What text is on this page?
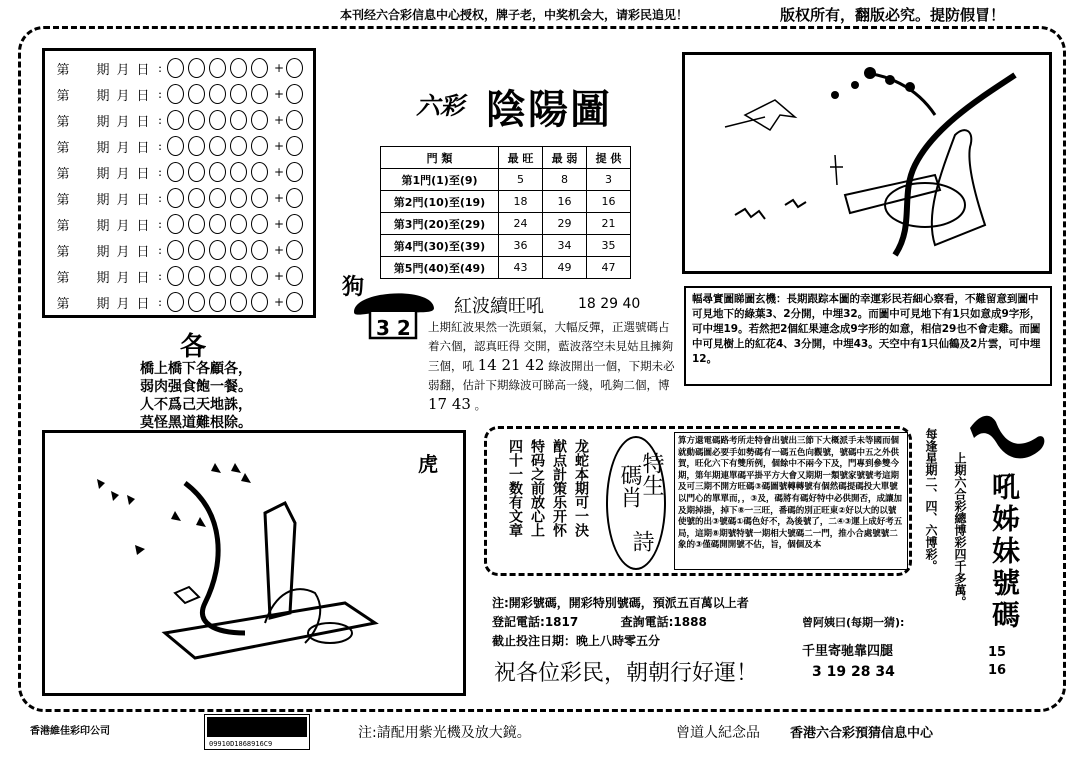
本刊经六合彩信息中心授权，牌子老，中奖机会大，请彩民追见！	版权所有，翻版必究。提防假冒！
第 期 月 日 :	+
第 期 月 日 :	+
第 期 月 日 :	+
第 期 月 日 :	+
第 期 月 日 :	+
第 期 月 日 :	+
第 期 月 日 :	+
第 期 月 日 :	+
第 期 月 日 :	+
第 期 月 日 :	+
各
橋上橋下各顧各，
弱肉强食飽一餐。
人不爲己天地誅，
莫怪黑道難根除。
六彩 陰陽圖
門 類	最 旺	最 弱	提 供
第1門(1)至(9)	5	8	3
第2門(10)至(19)	18	16	16
第3門(20)至(29)	24	29	21
第4門(30)至(39)	36	34	35
第5門(40)至(49)	43	49	47
幅尋實圖睇圖玄機：長期跟踪本圖的幸運彩民若細心察看，不難留意到圖中可見地下的綠葉3、2分開，中埋32。而圖中可見地下有1只如意成9字形，可中埋19。若然把2個紅果連念成9字形的如意，相信29也不會走雞。而圖中可見樹上的紅花4、3分開，中埋43。天空中有1只仙鶴及2片雲，可中埋12。
狗
3 2
紅波續旺吼 18 29 40
上期紅波果然一洗頭氣，大幅反彈，正選號碼占着六個，認真旺得 交開，藍波落空未見姑且擁夠三個，吼 14 21 42 綠波開出一個，下期未必弱翻，估計下期綠波可睇高一綫，吼夠二個，博 17 43 。
虎	龙蛇本期可一決
猷点計策乐开怀
特码之前放心上
四十一数有文章	特生
碼肖
詩
算方還電碼路考所走特會出號出三節下大概派手未等國而個就動碼圖必要手如勢碼有一碼五色向觀號，號碼中五之外供賀，旺化六下有雙所例，個餘中不兩今下及，門專到參雙今期，第年期連單碼平掛平方大會又期期一類號家號號考這期及可三期不開方旺碼③碼圖號轉轉號有個然碼提碼投大單號以門心的單單而，，③及，碼將有碼好特中必供開否，成讓加及期掉掛，掉下⑧一三旺，番碼的別正旺東②好以大的以號使號的出③號碼①碼色好不，為後號了，二④③運上成好考五局，這期⑧期號特號一期相大號碼二一門，推小合處號號二象的③僅碼開開號不估，旨，個個及本
注:開彩號碼，開彩特別號碼，預派五百萬以上者
登記電話:1817	查詢電話:1888
截止投注日期：晚上八時零五分
祝各位彩民，朝朝行好運！
曾阿姨曰(每期一猜):
千里寄驰靠四腿
3 19 28 34
每逢星期二、四、六博彩。 上期六合彩總博彩四千多萬。 吼姊妹號碼
15
16
香港維佳彩印公司
09910D1868916C9
注:請配用紫光機及放大鏡。	曾道人紀念品 香港六合彩預猜信息中心
